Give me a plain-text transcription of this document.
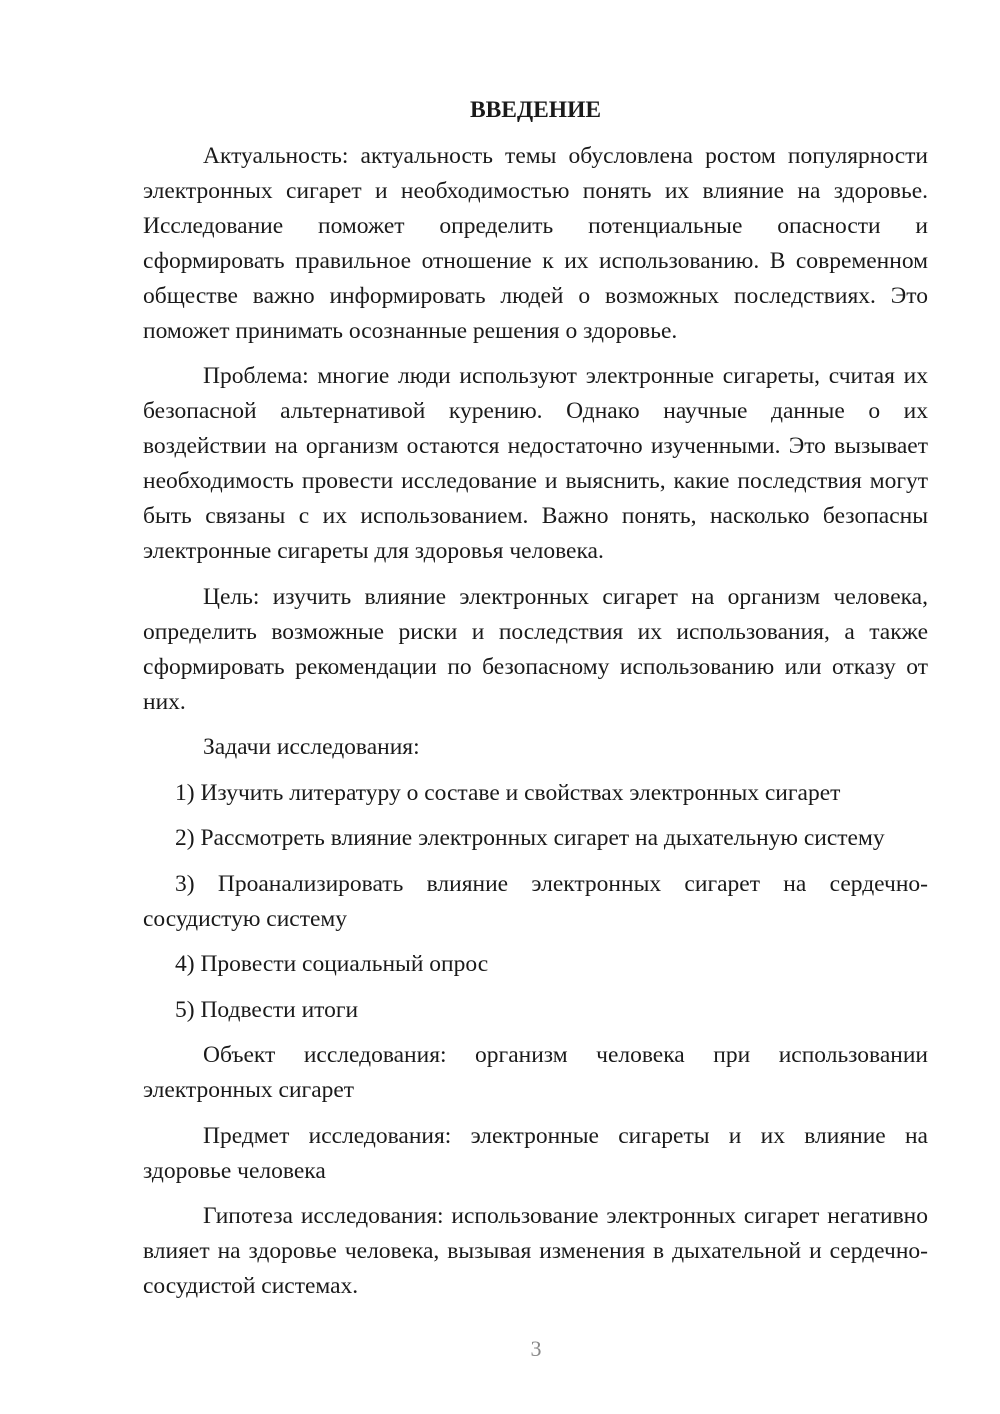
ВВЕДЕНИЕ

Актуальность: актуальность темы обусловлена ростом популярности электронных сигарет и необходимостью понять их влияние на здоровье. Исследование поможет определить потенциальные опасности и сформировать правильное отношение к их использованию. В современном обществе важно информировать людей о возможных последствиях. Это поможет принимать осознанные решения о здоровье.

Проблема: многие люди используют электронные сигареты, считая их безопасной альтернативой курению. Однако научные данные о их воздействии на организм остаются недостаточно изученными. Это вызывает необходимость провести исследование и выяснить, какие последствия могут быть связаны с их использованием. Важно понять, насколько безопасны электронные сигареты для здоровья человека.

Цель: изучить влияние электронных сигарет на организм человека, определить возможные риски и последствия их использования, а также сформировать рекомендации по безопасному использованию или отказу от них.

Задачи исследования:

1) Изучить литературу о составе и свойствах электронных сигарет

2) Рассмотреть влияние электронных сигарет на дыхательную систему

3) Проанализировать влияние электронных сигарет на сердечно-сосудистую систему

4) Провести социальный опрос

5) Подвести итоги

Объект исследования: организм человека при использовании электронных сигарет

Предмет исследования: электронные сигареты и их влияние на здоровье человека

Гипотеза исследования: использование электронных сигарет негативно влияет на здоровье человека, вызывая изменения в дыхательной и сердечно-сосудистой системах.

3
